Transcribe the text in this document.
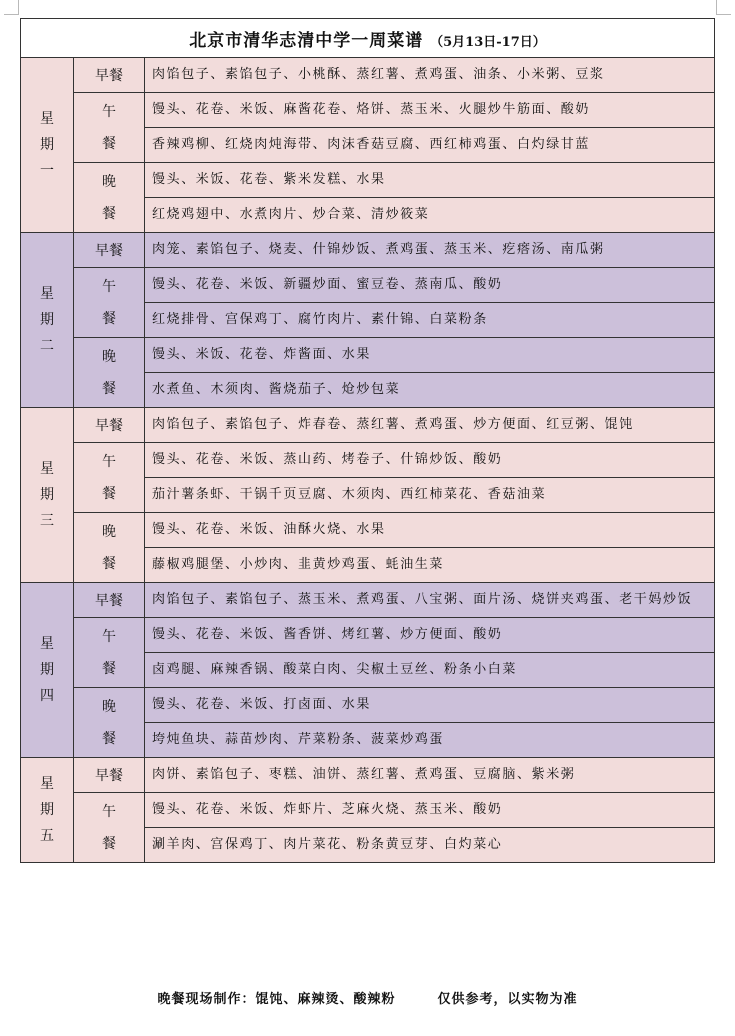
北京市清华志清中学一周菜谱 （5月13日-17日）		

星
期
一	早餐	肉馅包子、素馅包子、小桃酥、蒸红薯、煮鸡蛋、油条、小米粥、豆浆

	午
餐	馒头、花卷、米饭、麻酱花卷、烙饼、蒸玉米、火腿炒牛筋面、酸奶
		香辣鸡柳、红烧肉炖海带、肉沫香菇豆腐、西红柿鸡蛋、白灼绿甘蓝

	晚
餐	馒头、米饭、花卷、紫米发糕、水果
		红烧鸡翅中、水煮肉片、炒合菜、清炒筱菜

星
期
二	早餐	肉笼、素馅包子、烧麦、什锦炒饭、煮鸡蛋、蒸玉米、疙瘩汤、南瓜粥

	午
餐	馒头、花卷、米饭、新疆炒面、蜜豆卷、蒸南瓜、酸奶
		红烧排骨、宫保鸡丁、腐竹肉片、素什锦、白菜粉条

	晚
餐	馒头、米饭、花卷、炸酱面、水果
		水煮鱼、木须肉、酱烧茄子、炝炒包菜

星
期
三	早餐	肉馅包子、素馅包子、炸春卷、蒸红薯、煮鸡蛋、炒方便面、红豆粥、馄饨

	午
餐	馒头、花卷、米饭、蒸山药、烤卷子、什锦炒饭、酸奶
		茄汁薯条虾、干锅千页豆腐、木须肉、西红柿菜花、香菇油菜

	晚
餐	馒头、花卷、米饭、油酥火烧、水果
		藤椒鸡腿堡、小炒肉、韭黄炒鸡蛋、蚝油生菜

星
期
四	早餐	肉馅包子、素馅包子、蒸玉米、煮鸡蛋、八宝粥、面片汤、烧饼夹鸡蛋、老干妈炒饭

	午
餐	馒头、花卷、米饭、酱香饼、烤红薯、炒方便面、酸奶
		卤鸡腿、麻辣香锅、酸菜白肉、尖椒土豆丝、粉条小白菜

	晚
餐	馒头、花卷、米饭、打卤面、水果
		垮炖鱼块、蒜苗炒肉、芹菜粉条、菠菜炒鸡蛋

星
期
五	早餐	肉饼、素馅包子、枣糕、油饼、蒸红薯、煮鸡蛋、豆腐脑、紫米粥

	午
餐	馒头、花卷、米饭、炸虾片、芝麻火烧、蒸玉米、酸奶
		涮羊肉、宫保鸡丁、肉片菜花、粉条黄豆芽、白灼菜心
晚餐现场制作：馄饨、麻辣烫、酸辣粉	仅供参考，以实物为准
